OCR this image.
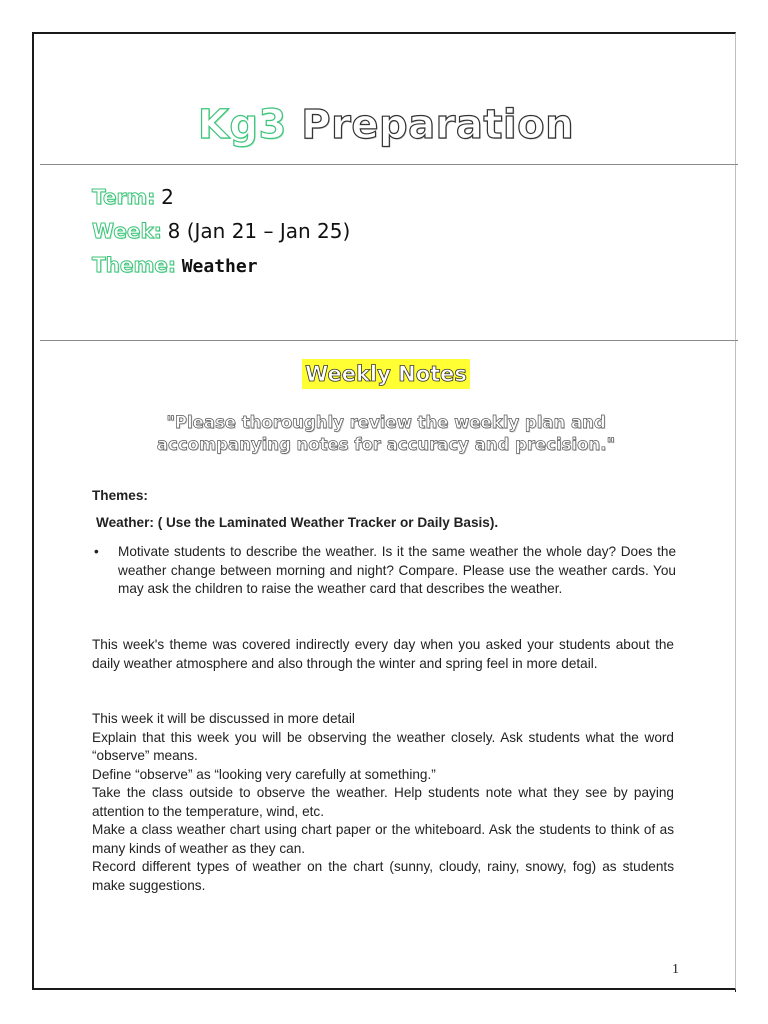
Kg3 Preparation
Term: 2
Week: 8 (Jan 21 – Jan 25)
Theme: Weather
Weekly Notes
"Please thoroughly review the weekly plan and
accompanying notes for accuracy and precision."
Themes:
Weather: ( Use the Laminated Weather Tracker or Daily Basis).
•	Motivate students to describe the weather. Is it the same weather the whole day? Does the weather change between morning and night? Compare. Please use the weather cards. You may ask the children to raise the weather card that describes the weather.
This week's theme was covered indirectly every day when you asked your students about the daily weather atmosphere and also through the winter and spring feel in more detail.
This week it will be discussed in more detail
Explain that this week you will be observing the weather closely. Ask students what the word “observe” means.
Define “observe” as “looking very carefully at something.”
Take the class outside to observe the weather. Help students note what they see by paying attention to the temperature, wind, etc.
Make a class weather chart using chart paper or the whiteboard. Ask the students to think of as many kinds of weather as they can.
Record different types of weather on the chart (sunny, cloudy, rainy, snowy, fog) as students make suggestions.
1
